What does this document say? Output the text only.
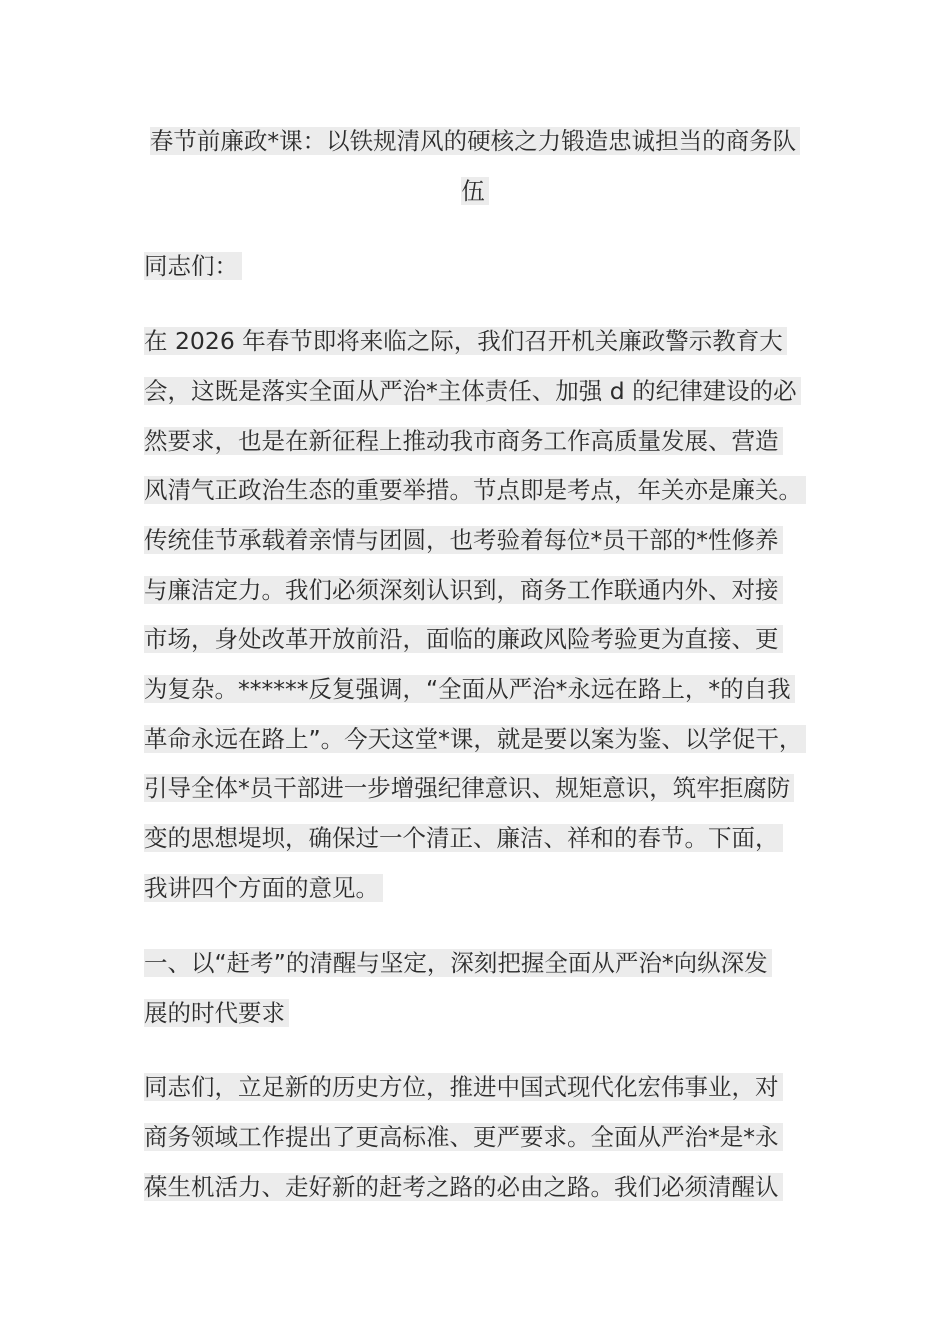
春节前廉政*课：以铁规清风的硬核之力锻造忠诚担当的商务队
伍
同志们：
在 2026 年春节即将来临之际，我们召开机关廉政警示教育大
会，这既是落实全面从严治*主体责任、加强 d 的纪律建设的必
然要求，也是在新征程上推动我市商务工作高质量发展、营造
风清气正政治生态的重要举措。节点即是考点，年关亦是廉关。
传统佳节承载着亲情与团圆，也考验着每位*员干部的*性修养
与廉洁定力。我们必须深刻认识到，商务工作联通内外、对接
市场，身处改革开放前沿，面临的廉政风险考验更为直接、更
为复杂。******反复强调，“全面从严治*永远在路上，*的自我
革命永远在路上”。今天这堂*课，就是要以案为鉴、以学促干，
引导全体*员干部进一步增强纪律意识、规矩意识，筑牢拒腐防
变的思想堤坝，确保过一个清正、廉洁、祥和的春节。下面，
我讲四个方面的意见。
一、以“赶考”的清醒与坚定，深刻把握全面从严治*向纵深发
展的时代要求
同志们，立足新的历史方位，推进中国式现代化宏伟事业，对
商务领域工作提出了更高标准、更严要求。全面从严治*是*永
葆生机活力、走好新的赶考之路的必由之路。我们必须清醒认
